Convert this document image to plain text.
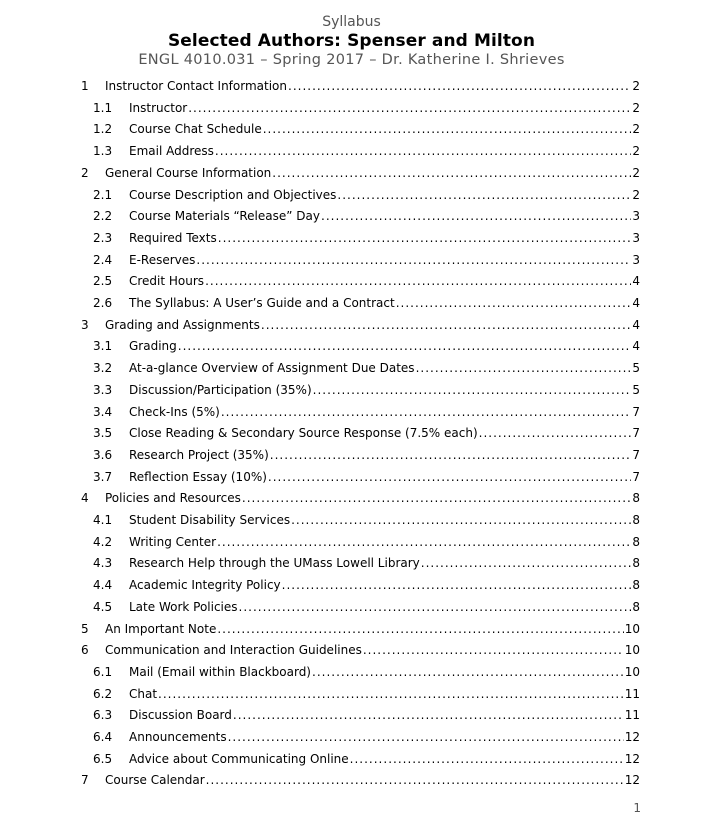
Syllabus
Selected Authors: Spenser and Milton
ENGL 4010.031 – Spring 2017 – Dr. Katherine I. Shrieves
1 Instructor Contact Information .....	2
1.1 Instructor .....	2
1.2 Course Chat Schedule .....	2
1.3 Email Address .....	2
2 General Course Information .....	2
2.1 Course Description and Objectives .....	2
2.2 Course Materials “Release” Day .....	3
2.3 Required Texts .....	3
2.4 E-Reserves .....	3
2.5 Credit Hours .....	4
2.6 The Syllabus: A User’s Guide and a Contract .....	4
3 Grading and Assignments .....	4
3.1 Grading .....	4
3.2 At-a-glance Overview of Assignment Due Dates .....	5
3.3 Discussion/Participation (35%) .....	5
3.4 Check-Ins (5%) .....	7
3.5 Close Reading & Secondary Source Response (7.5% each) .....	7
3.6 Research Project (35%) .....	7
3.7 Reflection Essay (10%) .....	7
4 Policies and Resources .....	8
4.1 Student Disability Services .....	8
4.2 Writing Center .....	8
4.3 Research Help through the UMass Lowell Library .....	8
4.4 Academic Integrity Policy .....	8
4.5 Late Work Policies .....	8
5 An Important Note .....	10
6 Communication and Interaction Guidelines .....	10
6.1 Mail (Email within Blackboard) .....	10
6.2 Chat .....	11
6.3 Discussion Board .....	11
6.4 Announcements .....	12
6.5 Advice about Communicating Online .....	12
7 Course Calendar .....	12
1
